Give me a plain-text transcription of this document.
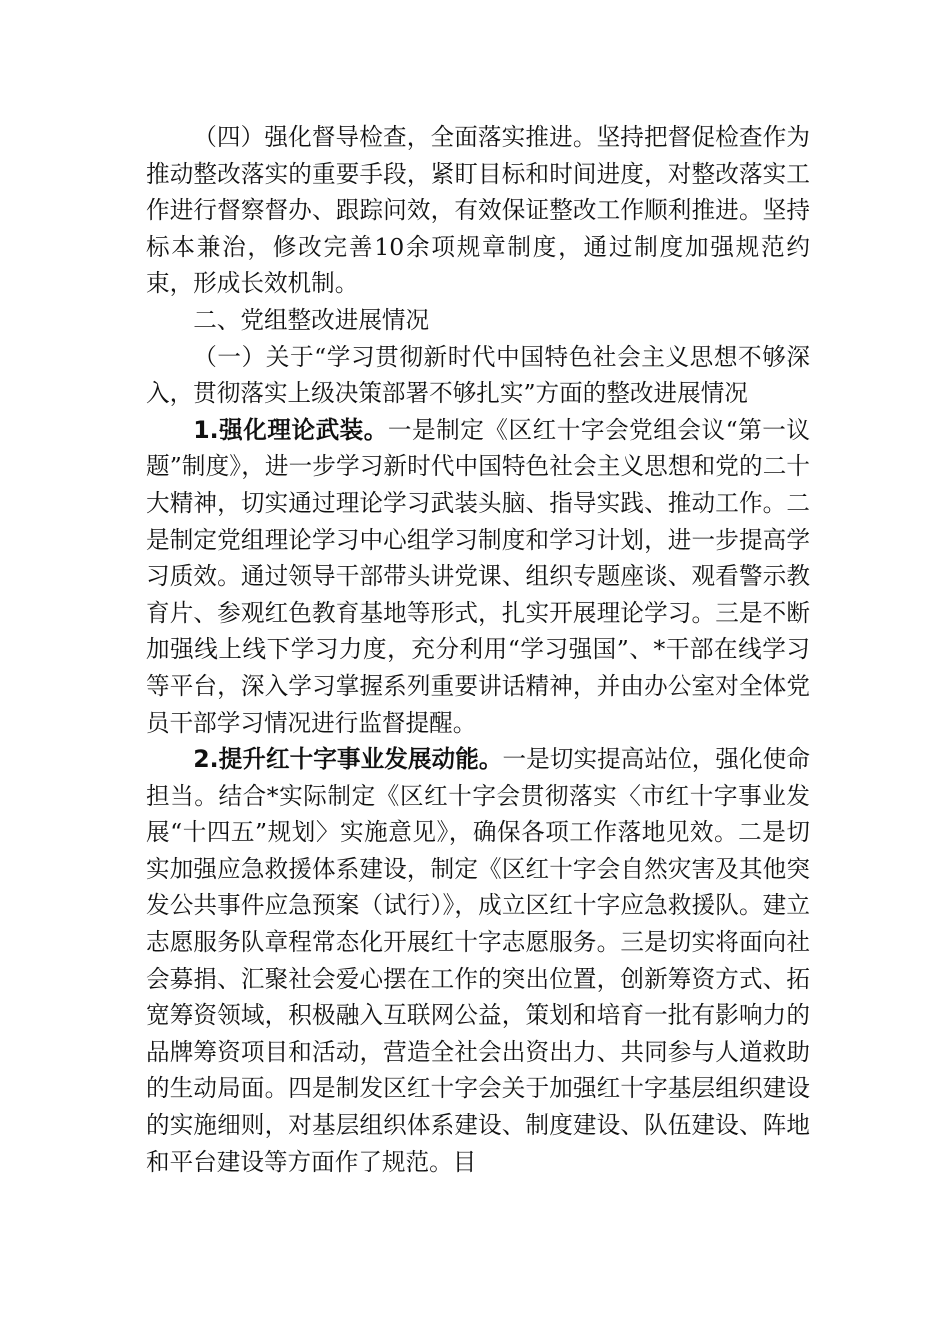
（四）强化督导检查，全面落实推进。坚持把督促检查作为推动整改落实的重要手段，紧盯目标和时间进度，对整改落实工作进行督察督办、跟踪问效，有效保证整改工作顺利推进。坚持标本兼治，修改完善10余项规章制度，通过制度加强规范约束，形成长效机制。

二、党组整改进展情况

（一）关于“学习贯彻新时代中国特色社会主义思想不够深入，贯彻落实上级决策部署不够扎实”方面的整改进展情况

1.强化理论武装。一是制定《区红十字会党组会议“第一议题”制度》，进一步学习新时代中国特色社会主义思想和党的二十大精神，切实通过理论学习武装头脑、指导实践、推动工作。二是制定党组理论学习中心组学习制度和学习计划，进一步提高学习质效。通过领导干部带头讲党课、组织专题座谈、观看警示教育片、参观红色教育基地等形式，扎实开展理论学习。三是不断加强线上线下学习力度，充分利用“学习强国”、*干部在线学习等平台，深入学习掌握系列重要讲话精神，并由办公室对全体党员干部学习情况进行监督提醒。

2.提升红十字事业发展动能。一是切实提高站位，强化使命担当。结合*实际制定《区红十字会贯彻落实〈市红十字事业发展“十四五”规划〉实施意见》，确保各项工作落地见效。二是切实加强应急救援体系建设，制定《区红十字会自然灾害及其他突发公共事件应急预案（试行）》，成立区红十字应急救援队。建立志愿服务队章程常态化开展红十字志愿服务。三是切实将面向社会募捐、汇聚社会爱心摆在工作的突出位置，创新筹资方式、拓宽筹资领域，积极融入互联网公益，策划和培育一批有影响力的品牌筹资项目和活动，营造全社会出资出力、共同参与人道救助的生动局面。四是制发区红十字会关于加强红十字基层组织建设的实施细则，对基层组织体系建设、制度建设、队伍建设、阵地和平台建设等方面作了规范。目
